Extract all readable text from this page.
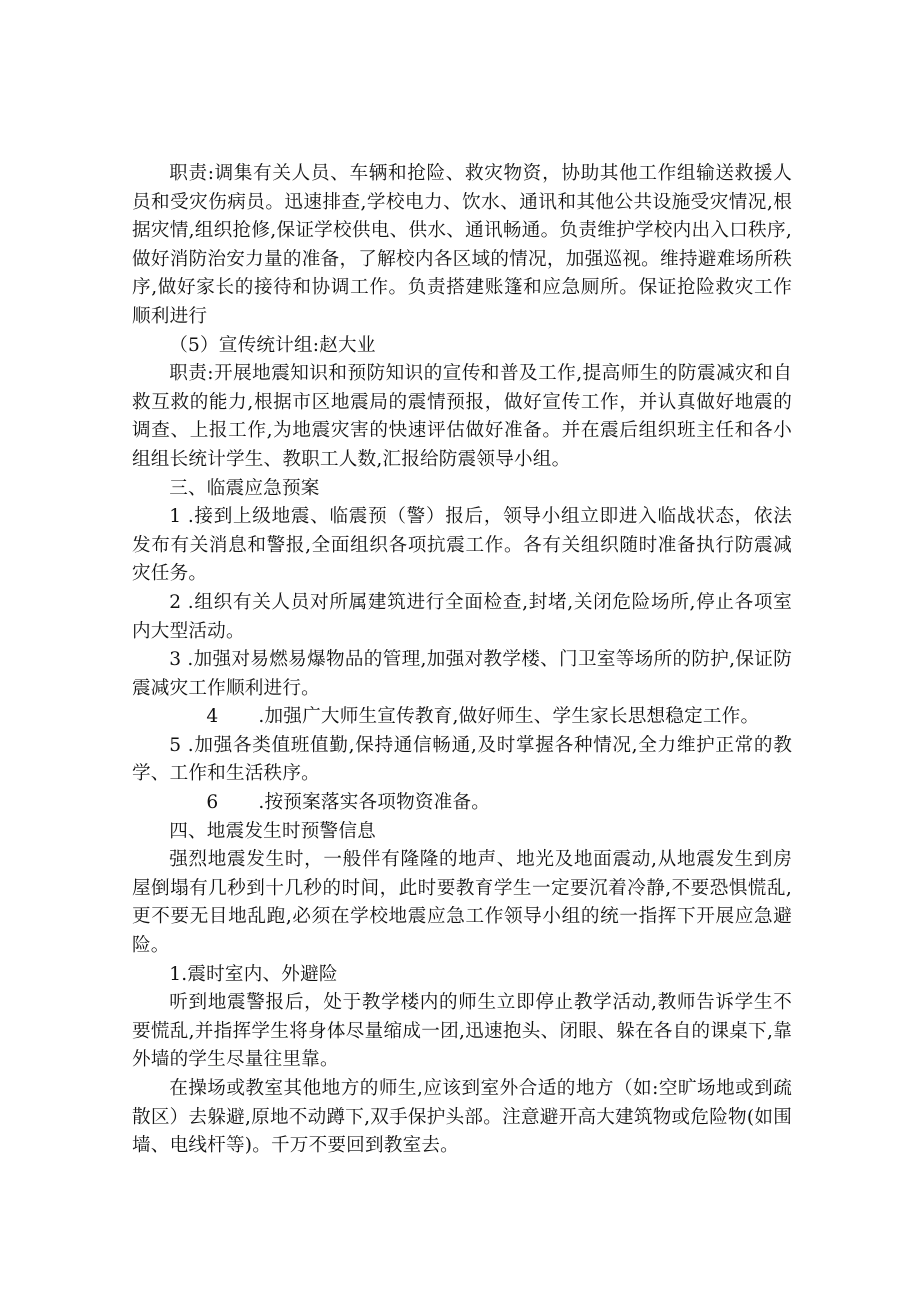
职责:调集有关人员、车辆和抢险、救灾物资，协助其他工作组输送救援人员和受灾伤病员。迅速排查,学校电力、饮水、通讯和其他公共设施受灾情况,根据灾情,组织抢修,保证学校供电、供水、通讯畅通。负责维护学校内出入口秩序,做好消防治安力量的准备，了解校内各区域的情况，加强巡视。维持避难场所秩序,做好家长的接待和协调工作。负责搭建账篷和应急厕所。保证抢险救灾工作顺利进行

（5）宣传统计组:赵大业

职责:开展地震知识和预防知识的宣传和普及工作,提高师生的防震减灾和自救互救的能力,根据市区地震局的震情预报，做好宣传工作，并认真做好地震的调查、上报工作,为地震灾害的快速评估做好准备。并在震后组织班主任和各小组组长统计学生、教职工人数,汇报给防震领导小组。

三、临震应急预案

1 .接到上级地震、临震预（警）报后，领导小组立即进入临战状态，依法发布有关消息和警报,全面组织各项抗震工作。各有关组织随时准备执行防震减灾任务。

2 .组织有关人员对所属建筑进行全面检查,封堵,关闭危险场所,停止各项室内大型活动。

3 .加强对易燃易爆物品的管理,加强对教学楼、门卫室等场所的防护,保证防震减灾工作顺利进行。

4 .加强广大师生宣传教育,做好师生、学生家长思想稳定工作。

5 .加强各类值班值勤,保持通信畅通,及时掌握各种情况,全力维护正常的教学、工作和生活秩序。

6 .按预案落实各项物资准备。

四、地震发生时预警信息

强烈地震发生时，一般伴有隆隆的地声、地光及地面震动,从地震发生到房屋倒塌有几秒到十几秒的时间，此时要教育学生一定要沉着冷静,不要恐惧慌乱,更不要无目地乱跑,必须在学校地震应急工作领导小组的统一指挥下开展应急避险。

1.震时室内、外避险

听到地震警报后，处于教学楼内的师生立即停止教学活动,教师告诉学生不要慌乱,并指挥学生将身体尽量缩成一团,迅速抱头、闭眼、躲在各自的课桌下,靠外墙的学生尽量往里靠。

在操场或教室其他地方的师生,应该到室外合适的地方（如:空旷场地或到疏散区）去躲避,原地不动蹲下,双手保护头部。注意避开高大建筑物或危险物(如围墙、电线杆等)。千万不要回到教室去。
